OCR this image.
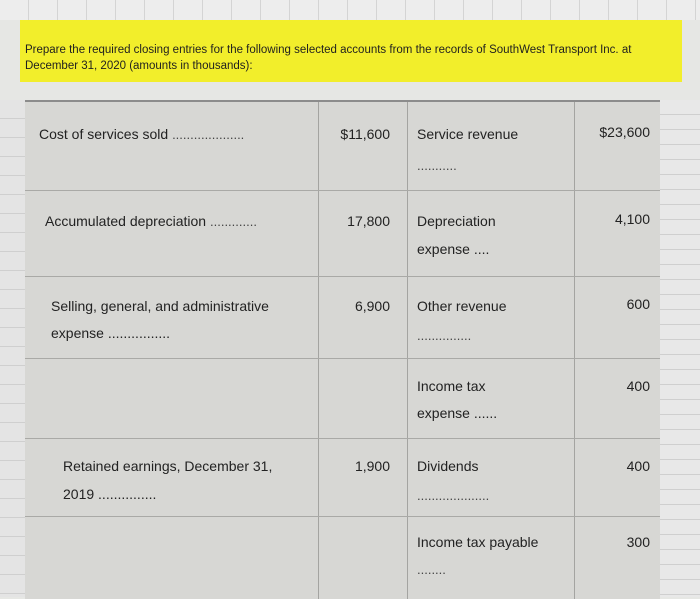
Prepare the required closing entries for the following selected accounts from the records of SouthWest Transport Inc. at
December 31, 2020 (amounts in thousands):
Cost of services sold ....................	$11,600 Service revenue
...........
$23,600
Accumulated depreciation .............	17,800 Depreciation
expense ....
4,100
Selling, general, and administrative
expense ................
6,900 Other revenue
...............
600
Income tax
expense ......
400
Retained earnings, December 31,
2019 ...............
1,900 Dividends
....................
400
Income tax payable
........
300
